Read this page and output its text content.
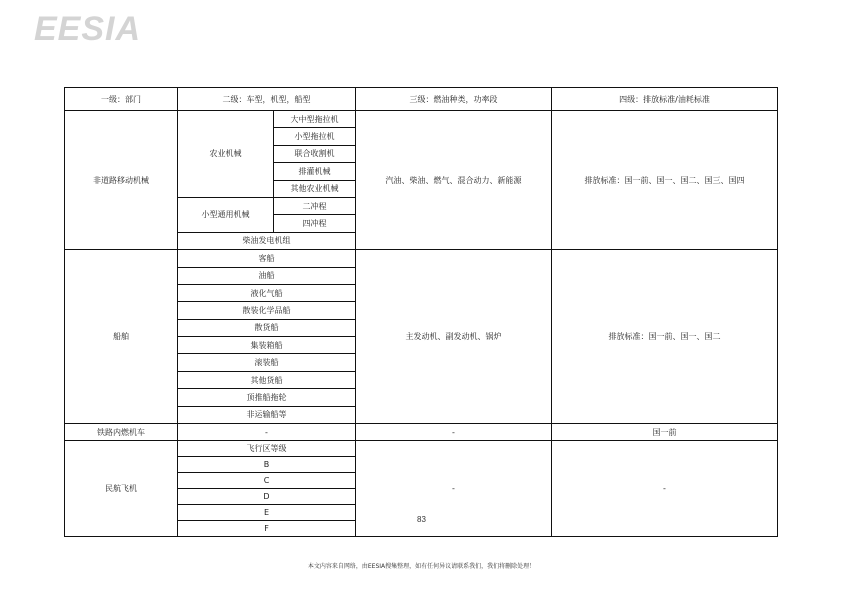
EESIA
一级：部门	二级：车型，机型，船型		三级：燃油种类，功率段	四级：排放标准/油耗标准
非道路移动机械	农业机械	大中型拖拉机	汽油、柴油、燃气、混合动力、新能源	排放标准：国一前、国一、国二、国三、国四
		小型拖拉机		
		联合收割机		
		排灌机械		
		其他农业机械		
	小型通用机械	二冲程		
		四冲程		
	柴油发电机组			
船舶	客船		主发动机、副发动机、锅炉	排放标准：国一前、国一、国二
	油船			
	液化气船			
	散装化学品船			
	散货船			
	集装箱船			
	滚装船			
	其他货船			
	顶推船拖轮			
	非运输船等			
铁路内燃机车	-		-	国一前
民航飞机	飞行区等级		-	-
	B			
	C			
	D			
	E			
	F			
83
本文内容来自网络，由EESIA搜集整理，如有任何异议请联系我们，我们将删除处理！
